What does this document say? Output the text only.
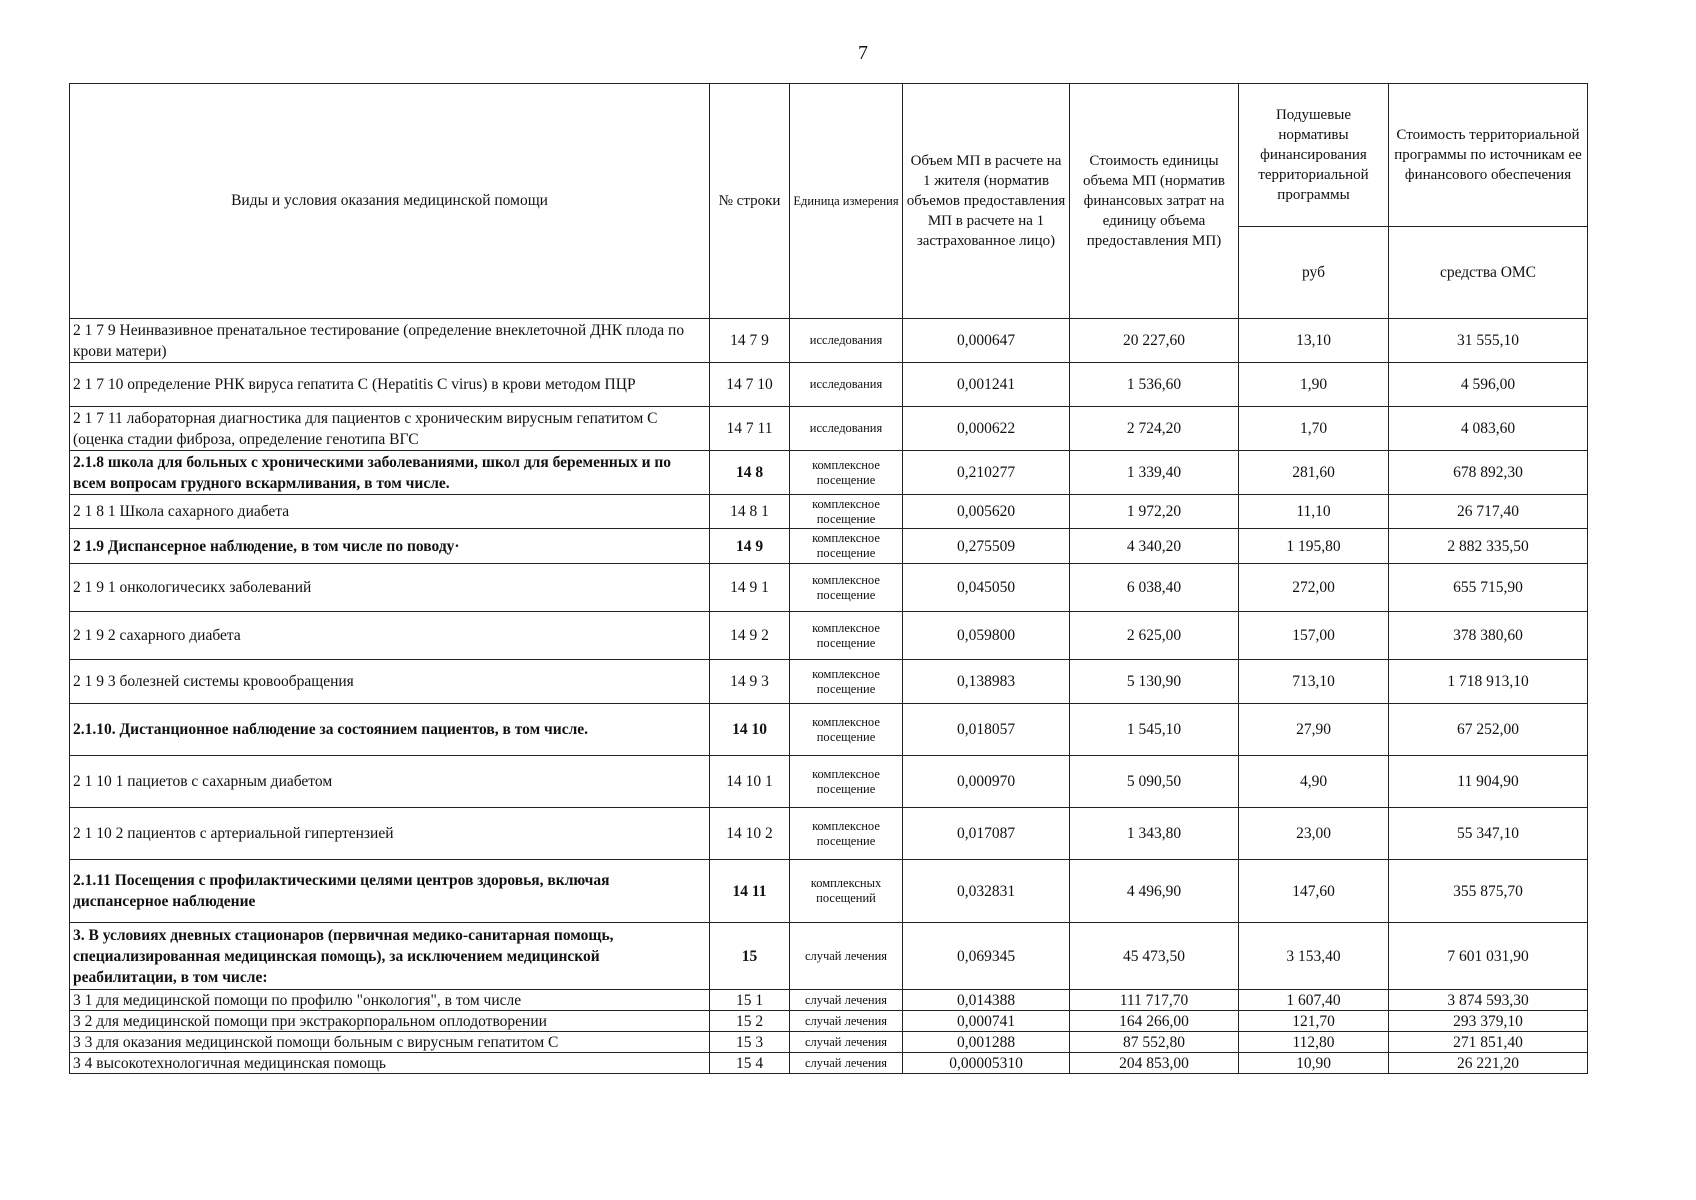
7
Виды и условия оказания медицинской помощи	№ строки	Единица измерения	Объем МП в расчете на 1 жителя (норматив объемов предоставления МП в расчете на 1 застрахованное лицо)	Стоимость единицы объема МП (норматив финансовых затрат на единицу объема предоставления МП)	Подушевые нормативы финансирования территориальной программы	Стоимость территориальной программы по источникам ее финансового обеспечения
					руб	средства ОМС
2 1 7 9 Неинвазивное пренатальное тестирование (определение внеклеточной ДНК плода по крови матери)	14 7 9	исследования	0,000647	20 227,60	13,10	31 555,10
2 1 7 10 определение РНК вируса гепатита С (Hepatitis C virus) в крови методом ПЦР	14 7 10	исследования	0,001241	1 536,60	1,90	4 596,00
2 1 7 11 лабораторная диагностика для пациентов с хроническим вирусным гепатитом С (оценка стадии фиброза, определение генотипа ВГС	14 7 11	исследования	0,000622	2 724,20	1,70	4 083,60
2.1.8 школа для больных с хроническими заболеваниями, школ для беременных и по всем вопросам грудного вскармливания, в том числе.	14 8	комплексное посещение	0,210277	1 339,40	281,60	678 892,30
2 1 8 1 Школа сахарного диабета	14 8 1	комплексное посещение	0,005620	1 972,20	11,10	26 717,40
2 1.9 Диспансерное наблюдение, в том числе по поводу·	14 9	комплексное посещение	0,275509	4 340,20	1 195,80	2 882 335,50
2 1 9 1 онкологичесикх заболеваний	14 9 1	комплексное посещение	0,045050	6 038,40	272,00	655 715,90
2 1 9 2 сахарного диабета	14 9 2	комплексное посещение	0,059800	2 625,00	157,00	378 380,60
2 1 9 3 болезней системы кровообращения	14 9 3	комплексное посещение	0,138983	5 130,90	713,10	1 718 913,10
2.1.10. Дистанционное наблюдение за состоянием пациентов, в том числе.	14 10	комплексное посещение	0,018057	1 545,10	27,90	67 252,00
2 1 10 1 пациетов с сахарным диабетом	14 10 1	комплексное посещение	0,000970	5 090,50	4,90	11 904,90
2 1 10 2 пациентов с артериальной гипертензией	14 10 2	комплексное посещение	0,017087	1 343,80	23,00	55 347,10
2.1.11 Посещения с профилактическими целями центров здоровья, включая диспансерное наблюдение	14 11	комплексных посещений	0,032831	4 496,90	147,60	355 875,70
3. В условиях дневных стационаров (первичная медико-санитарная помощь, специализированная медицинская помощь), за исключением медицинской реабилитации, в том числе:	15	случай лечения	0,069345	45 473,50	3 153,40	7 601 031,90
3 1 для медицинской помощи по профилю "онкология", в том числе	15 1	случай лечения	0,014388	111 717,70	1 607,40	3 874 593,30
3 2 для медицинской помощи при экстракорпоральном оплодотворении	15 2	случай лечения	0,000741	164 266,00	121,70	293 379,10
3 3 для оказания медицинской помощи больным с вирусным гепатитом С	15 3	случай лечения	0,001288	87 552,80	112,80	271 851,40
3 4 высокотехнологичная медицинская помощь	15 4	случай лечения	0,00005310	204 853,00	10,90	26 221,20
